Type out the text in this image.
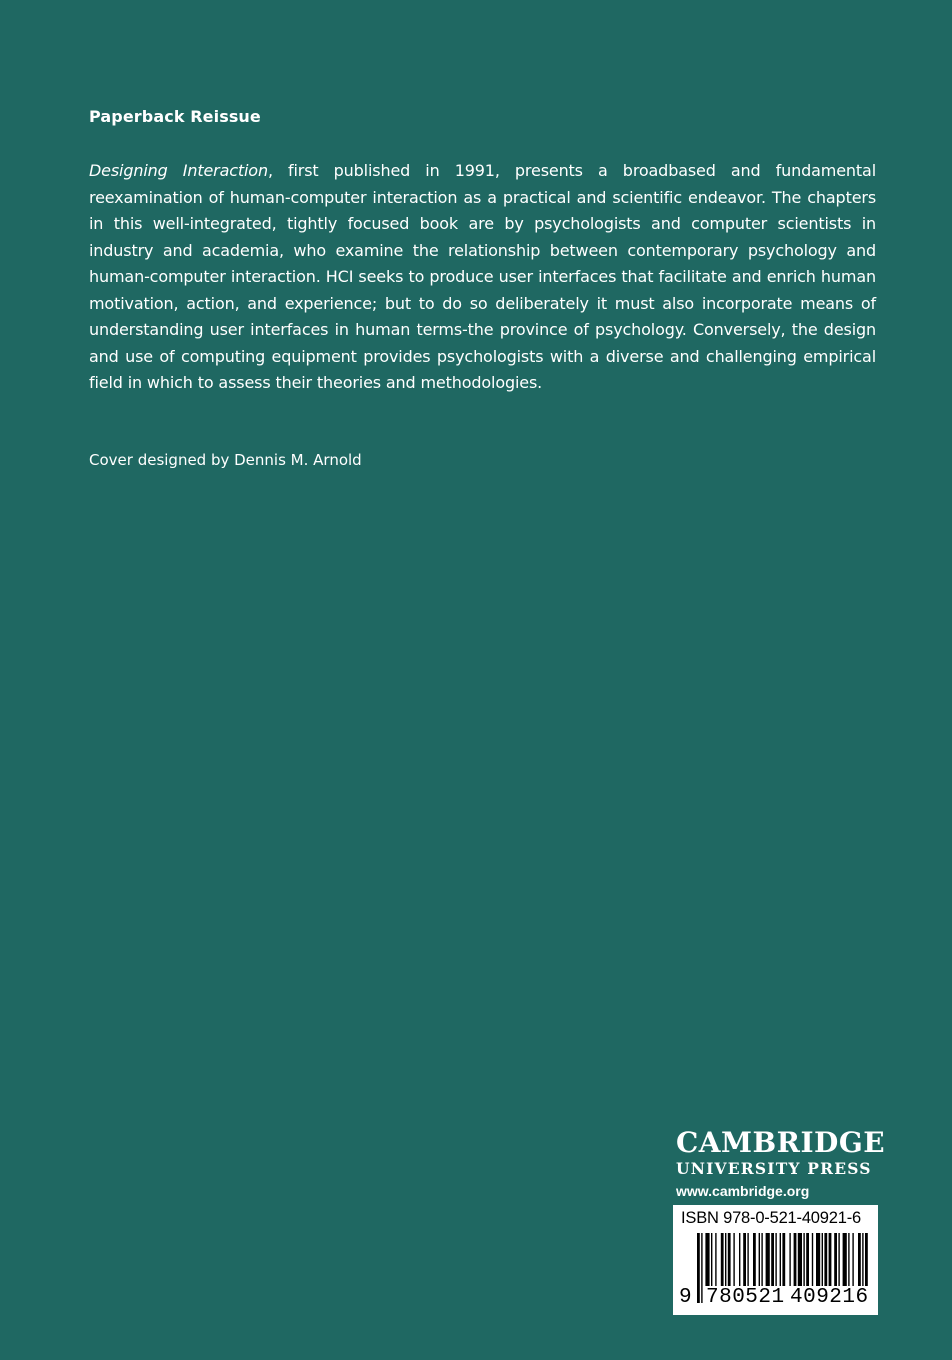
Paperback Reissue

Designing Interaction, first published in 1991, presents a broadbased and fundamental reexamination of human-computer interaction as a practical and scientific endeavor. The chapters in this well-integrated, tightly focused book are by psychologists and computer scientists in industry and academia, who examine the relationship between contemporary psychology and human-computer interaction. HCI seeks to produce user interfaces that facilitate and enrich human motivation, action, and experience; but to do so deliberately it must also incorporate means of understanding user interfaces in human terms-the province of psychology. Conversely, the design and use of computing equipment provides psychologists with a diverse and challenging empirical field in which to assess their theories and methodologies.

Cover designed by Dennis M. Arnold
CAMBRIDGE
UNIVERSITY PRESS
www.cambridge.org
ISBN 978-0-521-40921-6
9 780521 409216
